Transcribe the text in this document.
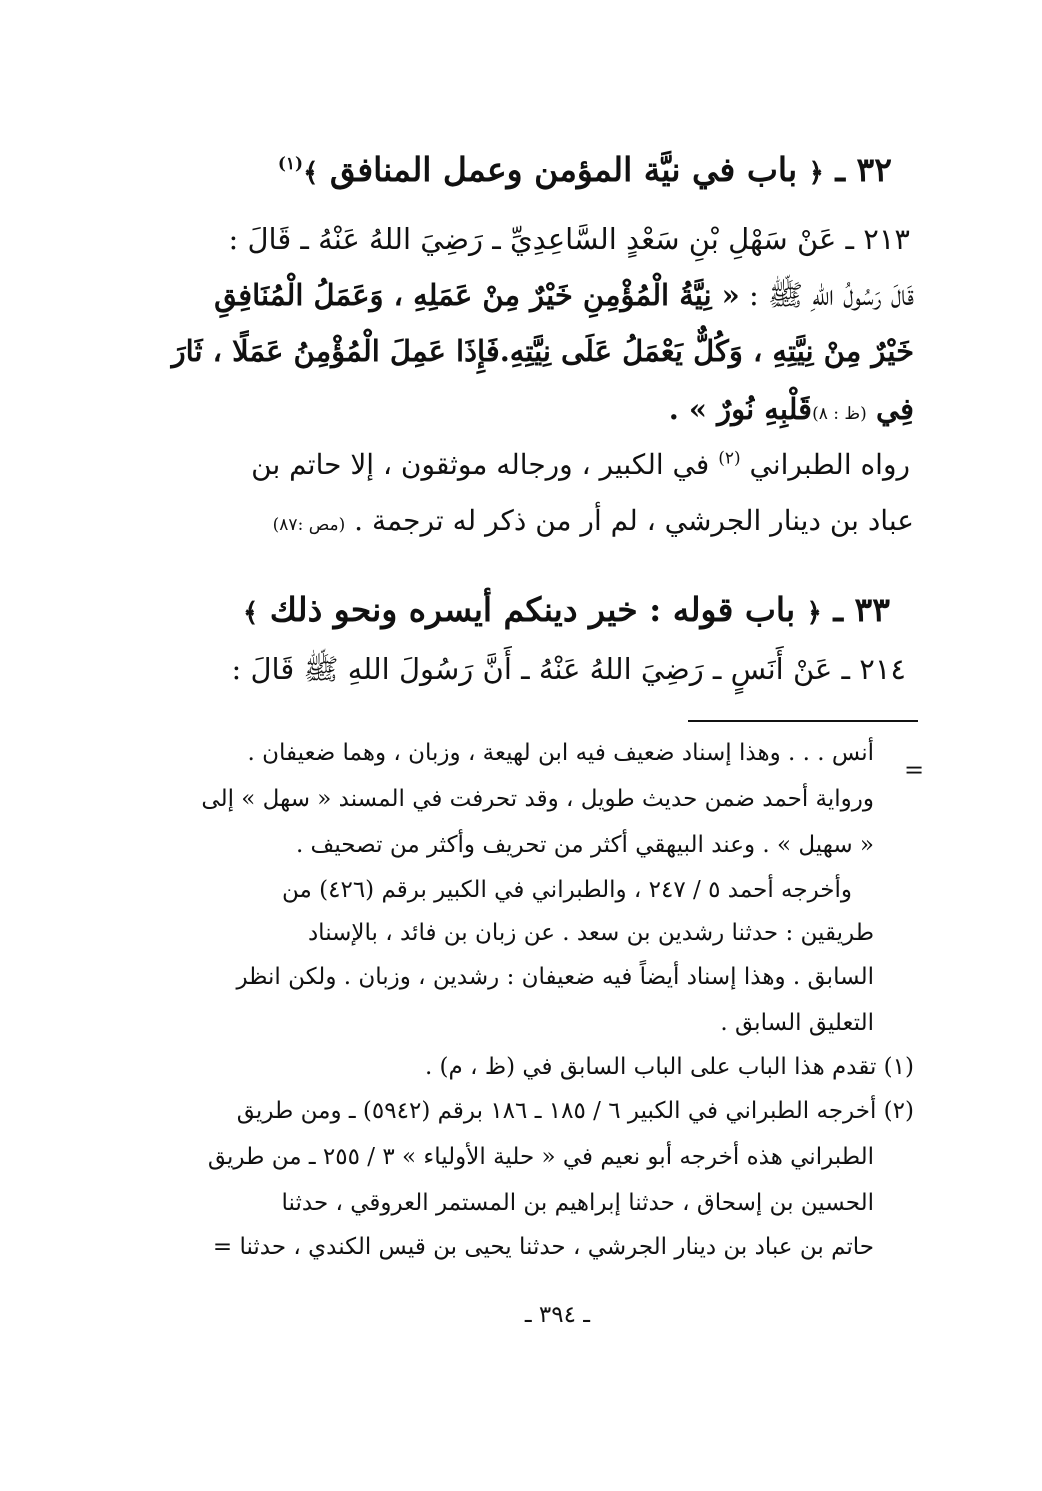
٣٢ ـ ﴿ باب في نيَّة المؤمن وعمل المنافق ﴾$^{(١)}$
٢١٣ ـ عَنْ سَهْلِ بْنِ سَعْدٍ السَّاعِدِيِّ ـ رَضِيَ اللهُ عَنْهُ ـ قَالَ :
قَالَ رَسُولُ اللهِ ﷺ : « نِيَّةُ الْمُؤْمِنِ خَيْرٌ مِنْ عَمَلِهِ ، وَعَمَلُ الْمُنَافِقِ
خَيْرٌ مِنْ نِيَّتِهِ ، وَكُلٌّ يَعْمَلُ عَلَى نِيَّتِهِ.فَإِذَا عَمِلَ الْمُؤْمِنُ عَمَلًا ، ثَارَ
فِي (ظ : ٨)قَلْبِهِ نُورٌ » .
رواه الطبراني $^{(٢)}$ في الكبير ، ورجاله موثقون ، إلا حاتم بن
عباد بن دينار الجرشي ، لم أر من ذكر له ترجمة . (مص :٨٧)
٣٣ ـ ﴿ باب قوله : خير دينكم أيسره ونحو ذلك ﴾
٢١٤ ـ عَنْ أَنَسٍ ـ رَضِيَ اللهُ عَنْهُ ـ أَنَّ رَسُولَ اللهِ ﷺ قَالَ :
=
أنس . . . وهذا إسناد ضعيف فيه ابن لهيعة ، وزبان ، وهما ضعيفان .
ورواية أحمد ضمن حديث طويل ، وقد تحرفت في المسند « سهل » إلى
« سهيل » . وعند البيهقي أكثر من تحريف وأكثر من تصحيف .
وأخرجه أحمد ٥ / ٢٤٧ ، والطبراني في الكبير برقم (٤٢٦) من
طريقين : حدثنا رشدين بن سعد . عن زبان بن فائد ، بالإسناد
السابق . وهذا إسناد أيضاً فيه ضعيفان : رشدين ، وزبان . ولكن انظر
التعليق السابق .
(١) تقدم هذا الباب على الباب السابق في (ظ ، م) .
(٢) أخرجه الطبراني في الكبير ٦ / ١٨٥ ـ ١٨٦ برقم (٥٩٤٢) ـ ومن طريق
الطبراني هذه أخرجه أبو نعيم في « حلية الأولياء » ٣ / ٢٥٥ ـ من طريق
الحسين بن إسحاق ، حدثنا إبراهيم بن المستمر العروقي ، حدثنا
حاتم بن عباد بن دينار الجرشي ، حدثنا يحيى بن قيس الكندي ، حدثنا =
ـ ٣٩٤ ـ
